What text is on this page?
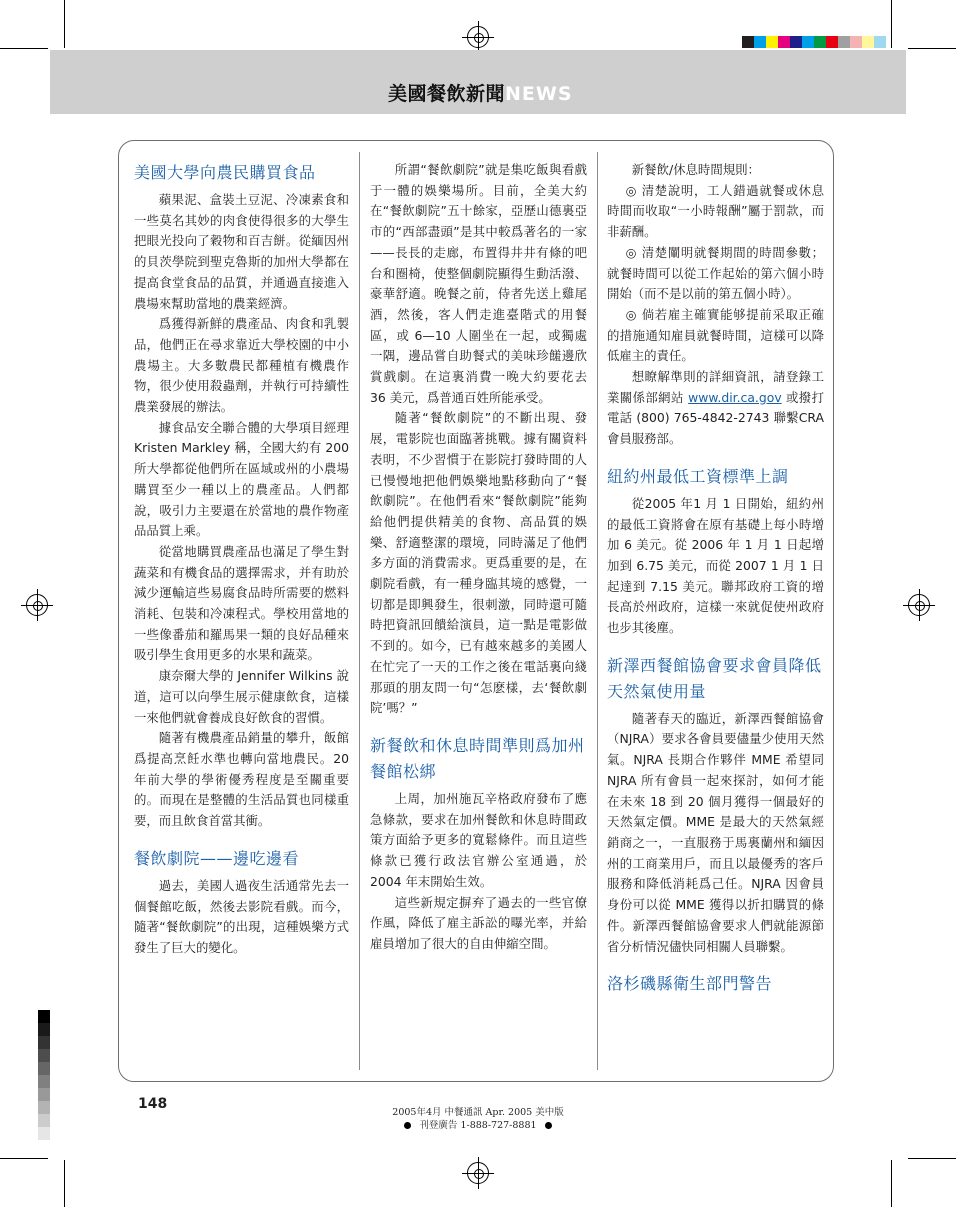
美國餐飲新聞NEWS
美國大學向農民購買食品

蘋果泥、盒裝土豆泥、冷凍素食和一些莫名其妙的肉食使得很多的大學生把眼光投向了穀物和百吉餅。從緬因州的貝茨學院到聖克魯斯的加州大學都在提高食堂食品的品質，并通過直接進入農場來幫助當地的農業經濟。

爲獲得新鮮的農產品、肉食和乳製品，他們正在尋求靠近大學校園的中小農場主。大多數農民都種植有機農作物，很少使用殺蟲劑，并執行可持續性農業發展的辦法。

據食品安全聯合體的大學項目經理 Kristen Markley 稱，全國大約有 200 所大學都從他們所在區域或州的小農場購買至少一種以上的農產品。人們都說，吸引力主要還在於當地的農作物產品品質上乘。

從當地購買農產品也滿足了學生對蔬菜和有機食品的選擇需求，并有助於減少運輸這些易腐食品時所需要的燃料消耗、包裝和冷凍程式。學校用當地的一些像番茄和羅馬果一類的良好品種來吸引學生食用更多的水果和蔬菜。

康奈爾大學的 Jennifer Wilkins 說道，這可以向學生展示健康飲食，這樣一來他們就會養成良好飲食的習慣。

隨著有機農產品銷量的攀升，飯館爲提高烹飪水準也轉向當地農民。20 年前大學的學術優秀程度是至關重要的。而現在是整體的生活品質也同樣重要，而且飲食首當其衝。

餐飲劇院——邊吃邊看

過去，美國人過夜生活通常先去一個餐館吃飯，然後去影院看戲。而今，隨著“餐飲劇院”的出現，這種娛樂方式發生了巨大的變化。

所謂“餐飲劇院”就是集吃飯與看戲于一體的娛樂場所。目前，全美大約在“餐飲劇院”五十餘家，亞歷山德裏亞市的“西部盡頭”是其中較爲著名的一家——長長的走廊，布置得井井有條的吧台和圈椅，使整個劇院顯得生動活潑、豪華舒適。晚餐之前，侍者先送上雞尾酒，然後，客人們走進臺階式的用餐區，或 6—10 人圍坐在一起，或獨處一隅，邊品嘗自助餐式的美味珍饈邊欣賞戲劇。在這裏消費一晚大約要花去 36 美元，爲普通百姓所能承受。

隨著“餐飲劇院”的不斷出現、發展，電影院也面臨著挑戰。據有關資料表明，不少習慣于在影院打發時間的人已慢慢地把他們娛樂地點移動向了“餐飲劇院”。在他們看來“餐飲劇院”能夠給他們提供精美的食物、高品質的娛樂、舒適整潔的環境，同時滿足了他們多方面的消費需求。更爲重要的是，在劇院看戲，有一種身臨其境的感覺，一切都是即興發生，很刺激，同時還可隨時把資訊回饋給演員，這一點是電影做不到的。如今，已有越來越多的美國人在忙完了一天的工作之後在電話裏向綫那頭的朋友問一句“怎麽樣，去‘餐飲劇院’嗎？”

新餐飲和休息時間準則爲加州餐館松綁

上周，加州施瓦辛格政府發布了應急條款，要求在加州餐飲和休息時間政策方面給予更多的寬鬆條件。而且這些條款已獲行政法官辦公室通過，於 2004 年末開始生效。

這些新規定摒弃了過去的一些官僚作風，降低了雇主訴訟的曝光率，并給雇員增加了很大的自由伸縮空間。

新餐飲/休息時間規則：

◎ 清楚說明，工人錯過就餐或休息時間而收取“一小時報酬”屬于罰款，而非薪酬。

◎ 清楚闡明就餐期間的時間參數； 就餐時間可以從工作起始的第六個小時開始（而不是以前的第五個小時）。

◎ 倘若雇主確實能够提前采取正確的措施通知雇員就餐時間，這樣可以降低雇主的責任。

想瞭解準則的詳細資訊，請登錄工業關係部網站 www.dir.ca.gov 或撥打電話 (800) 765-4842-2743 聯繫CRA 會員服務部。

紐約州最低工資標準上調

從2005 年1 月 1 日開始，紐約州的最低工資將會在原有基礎上每小時增加 6 美元。從 2006 年 1 月 1 日起增加到 6.75 美元，而從 2007 1 月 1 日起達到 7.15 美元。聯邦政府工資的增長高於州政府，這樣一來就促使州政府也步其後塵。

新澤西餐館協會要求會員降低天然氣使用量

隨著春天的臨近，新澤西餐館協會（NJRA）要求各會員要儘量少使用天然氣。NJRA 長期合作夥伴 MME 希望同 NJRA 所有會員一起來探討，如何才能在未來 18 到 20 個月獲得一個最好的天然氣定價。MME 是最大的天然氣經銷商之一，一直服務于馬裏蘭州和緬因州的工商業用戶，而且以最優秀的客戶服務和降低消耗爲己任。NJRA 因會員身份可以從 MME 獲得以折扣購買的條件。新澤西餐館協會要求人們就能源節省分析情況儘快同相關人員聯繫。

洛杉磯縣衛生部門警告
148
2005年4月 中餐通訊 Apr. 2005 美中版
刊登廣告 1-888-727-8881
